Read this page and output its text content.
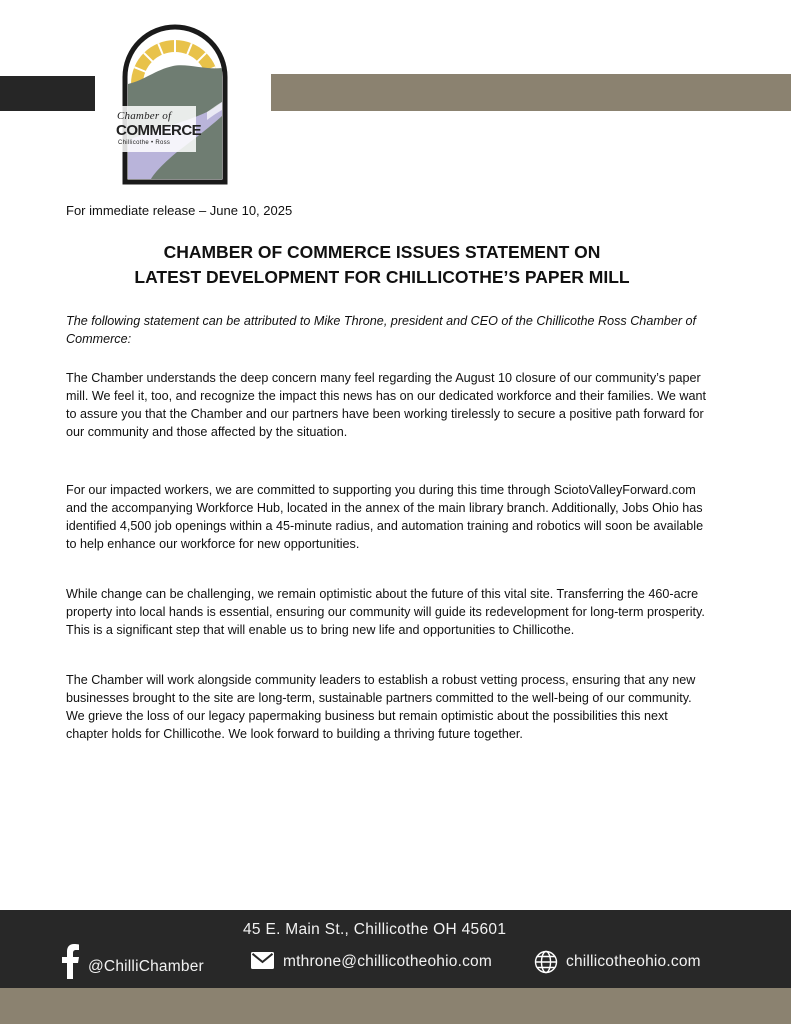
Chamber of
COMMERCE
Chillicothe • Ross
For immediate release – June 10, 2025
CHAMBER OF COMMERCE ISSUES STATEMENT ON
LATEST DEVELOPMENT FOR CHILLICOTHE’S PAPER MILL

The following statement can be attributed to Mike Throne, president and CEO of the Chillicothe Ross Chamber of Commerce:

The Chamber understands the deep concern many feel regarding the August 10 closure of our community’s paper mill. We feel it, too, and recognize the impact this news has on our dedicated workforce and their families. We want to assure you that the Chamber and our partners have been working tirelessly to secure a positive path forward for our community and those affected by the situation.

For our impacted workers, we are committed to supporting you during this time through SciotoValleyForward.com and the accompanying Workforce Hub, located in the annex of the main library branch. Additionally, Jobs Ohio has identified 4,500 job openings within a 45-minute radius, and automation training and robotics will soon be available to help enhance our workforce for new opportunities.

While change can be challenging, we remain optimistic about the future of this vital site. Transferring the 460-acre property into local hands is essential, ensuring our community will guide its redevelopment for long-term prosperity. This is a significant step that will enable us to bring new life and opportunities to Chillicothe.

The Chamber will work alongside community leaders to establish a robust vetting process, ensuring that any new businesses brought to the site are long-term, sustainable partners committed to the well-being of our community. We grieve the loss of our legacy papermaking business but remain optimistic about the possibilities this next chapter holds for Chillicothe. We look forward to building a thriving future together.

45 E. Main St., Chillicothe OH 45601
@ChilliChamber	mthrone@chillicotheohio.com	chillicotheohio.com
